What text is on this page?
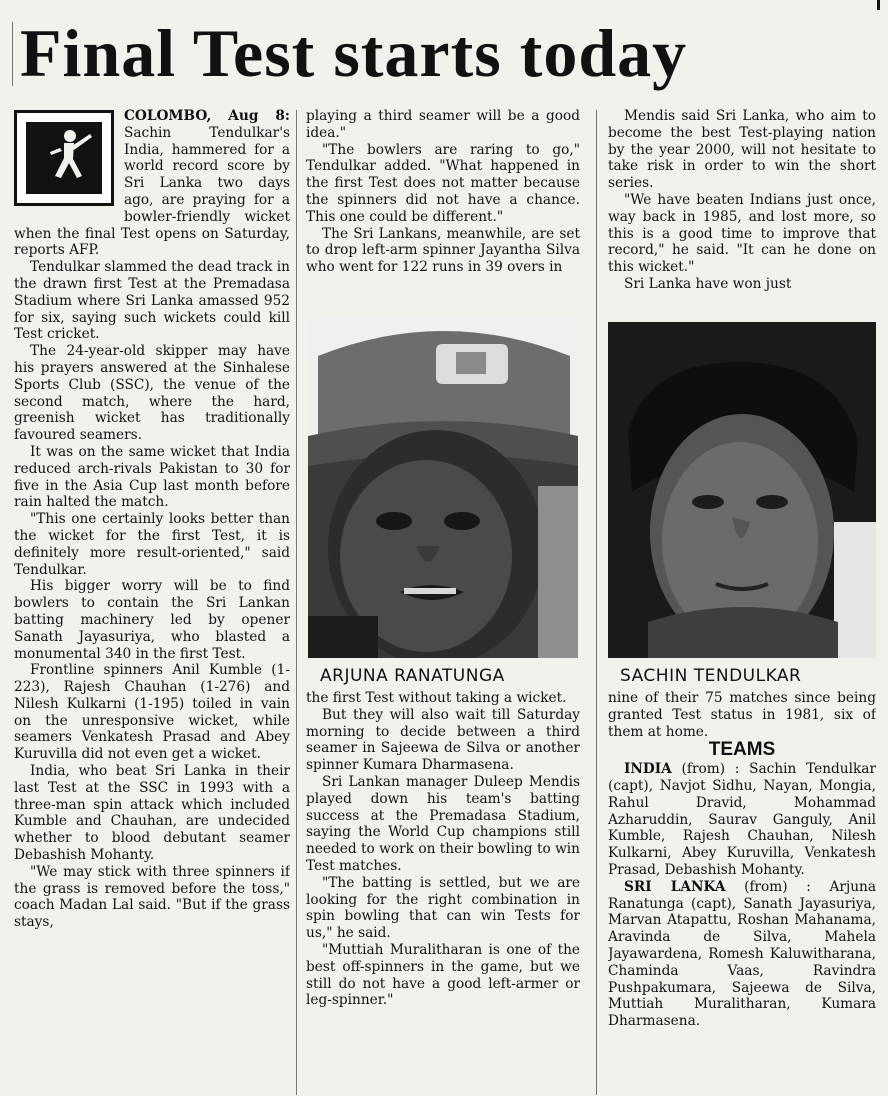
Final Test starts today

COLOMBO, Aug 8: Sachin Tendulkar's India, hammered for a world record score by Sri Lanka two days ago, are praying for a bowler-friendly wicket when the final Test opens on Saturday, reports AFP.

Tendulkar slammed the dead track in the drawn first Test at the Premadasa Stadium where Sri Lanka amassed 952 for six, saying such wickets could kill Test cricket.

The 24-year-old skipper may have his prayers answered at the Sinhalese Sports Club (SSC), the venue of the second match, where the hard, greenish wicket has traditionally favoured seamers.

It was on the same wicket that India reduced arch-rivals Pakistan to 30 for five in the Asia Cup last month before rain halted the match.

"This one certainly looks better than the wicket for the first Test, it is definitely more result-oriented," said Tendulkar.

His bigger worry will be to find bowlers to contain the Sri Lankan batting machinery led by opener Sanath Jayasuriya, who blasted a monumental 340 in the first Test.

Frontline spinners Anil Kumble (1-223), Rajesh Chauhan (1-276) and Nilesh Kulkarni (1-195) toiled in vain on the unresponsive wicket, while seamers Venkatesh Prasad and Abey Kuruvilla did not even get a wicket.

India, who beat Sri Lanka in their last Test at the SSC in 1993 with a three-man spin attack which included Kumble and Chauhan, are undecided whether to blood debutant seamer Debashish Mohanty.

"We may stick with three spinners if the grass is removed before the toss," coach Madan Lal said. "But if the grass stays,

playing a third seamer will be a good idea."

"The bowlers are raring to go," Tendulkar added. "What happened in the first Test does not matter because the spinners did not have a chance. This one could be different."

The Sri Lankans, meanwhile, are set to drop left-arm spinner Jayantha Silva who went for 122 runs in 39 overs in

Mendis said Sri Lanka, who aim to become the best Test-playing nation by the year 2000, will not hesitate to take risk in order to win the short series.

"We have beaten Indians just once, way back in 1985, and lost more, so this is a good time to improve that record," he said. "It can he done on this wicket."

Sri Lanka have won just

ARJUNA RANATUNGA	SACHIN TENDULKAR

the first Test without taking a wicket.

But they will also wait till Saturday morning to decide between a third seamer in Sajeewa de Silva or another spinner Kumara Dharmasena.

Sri Lankan manager Duleep Mendis played down his team's batting success at the Premadasa Stadium, saying the World Cup champions still needed to work on their bowling to win Test matches.

"The batting is settled, but we are looking for the right combination in spin bowling that can win Tests for us," he said.

"Muttiah Muralitharan is one of the best off-spinners in the game, but we still do not have a good left-armer or leg-spinner."

nine of their 75 matches since being granted Test status in 1981, six of them at home.

TEAMS

INDIA (from) : Sachin Tendulkar (capt), Navjot Sidhu, Nayan, Mongia, Rahul Dravid, Mohammad Azharuddin, Saurav Ganguly, Anil Kumble, Rajesh Chauhan, Nilesh Kulkarni, Abey Kuruvilla, Venkatesh Prasad, Debashish Mohanty.

SRI LANKA (from) : Arjuna Ranatunga (capt), Sanath Jayasuriya, Marvan Atapattu, Roshan Mahanama, Aravinda de Silva, Mahela Jayawardena, Romesh Kaluwitharana, Chaminda Vaas, Ravindra Pushpakumara, Sajeewa de Silva, Muttiah Muralitharan, Kumara Dharmasena.
